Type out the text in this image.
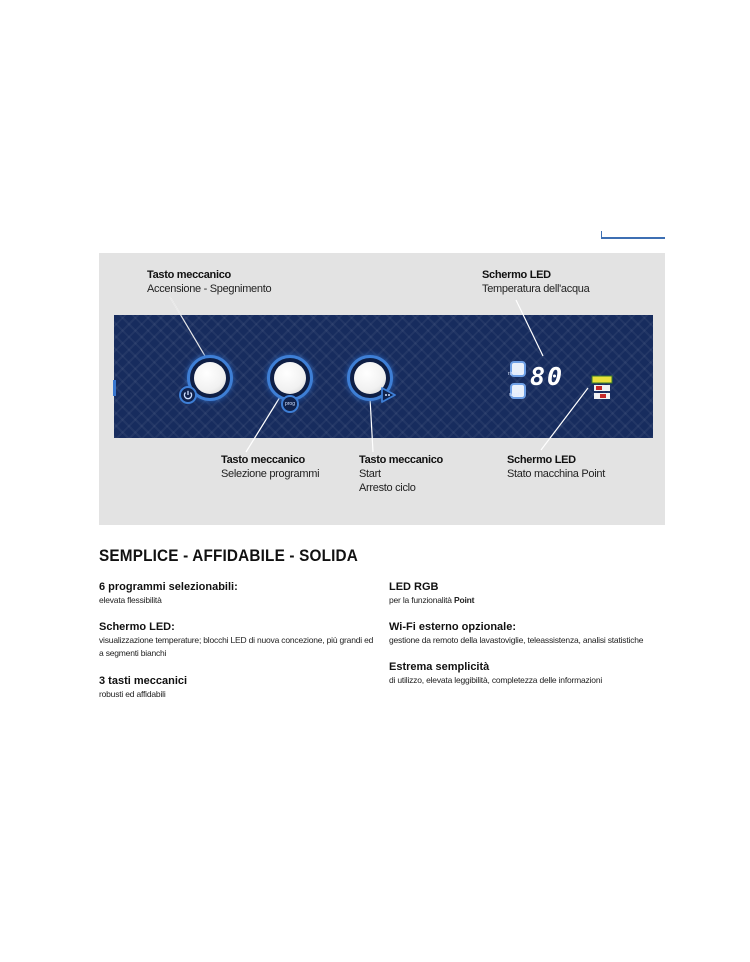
Tasto meccanico
Accensione - Spegnimento
Schermo LED
Temperatura dell'acqua
Tasto meccanico
Selezione programmi
Tasto meccanico
Start
Arresto ciclo
Schermo LED
Stato macchina Point
prog
rinse
wash
80
SEMPLICE - AFFIDABILE - SOLIDA
6 programmi selezionabili:
elevata flessibilità
Schermo LED:
visualizzazione temperature; blocchi LED di nuova concezione, più grandi ed
a segmenti bianchi
3 tasti meccanici
robusti ed affidabili
LED RGB
per la funzionalità Point
Wi-Fi esterno opzionale:
gestione da remoto della lavastoviglie, teleassistenza, analisi statistiche
Estrema semplicità
di utilizzo, elevata leggibilità, completezza delle informazioni
